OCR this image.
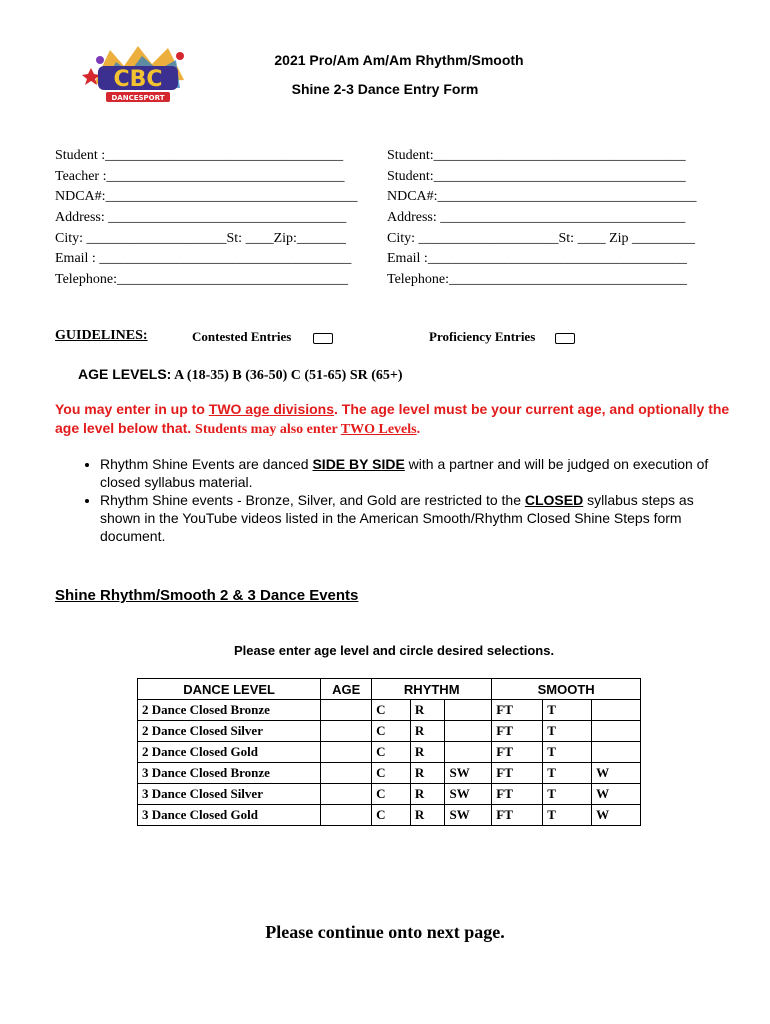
CBC
DANCESPORT
2021 Pro/Am Am/Am Rhythm/Smooth
Shine 2-3 Dance Entry Form
Student :__________________________________
Teacher :__________________________________
NDCA#:____________________________________
Address: __________________________________
City: ____________________St: ____Zip:_______
Email : ____________________________________
Telephone:_________________________________
Student:____________________________________
Student:____________________________________
NDCA#:_____________________________________
Address: ___________________________________
City: ____________________St: ____ Zip _________
Email :_____________________________________
Telephone:__________________________________
GUIDELINES:	Contested Entries	Proficiency Entries
AGE LEVELS: A (18-35) B (36-50) C (51-65) SR (65+)
You may enter in up to TWO age divisions. The age level must be your current age, and optionally the age level below that. Students may also enter TWO Levels.
• Rhythm Shine Events are danced SIDE BY SIDE with a partner and will be judged on execution of closed syllabus material.
• Rhythm Shine events - Bronze, Silver, and Gold are restricted to the CLOSED syllabus steps as shown in the YouTube videos listed in the American Smooth/Rhythm Closed Shine Steps form document.
Shine Rhythm/Smooth 2 & 3 Dance Events
Please enter age level and circle desired selections.
DANCE LEVEL	AGE	RHYTHM			SMOOTH		
2 Dance Closed Bronze		C	R		FT	T	
2 Dance Closed Silver		C	R		FT	T	
2 Dance Closed Gold		C	R		FT	T	
3 Dance Closed Bronze		C	R	SW	FT	T	W
3 Dance Closed Silver		C	R	SW	FT	T	W
3 Dance Closed Gold		C	R	SW	FT	T	W
Please continue onto next page.
